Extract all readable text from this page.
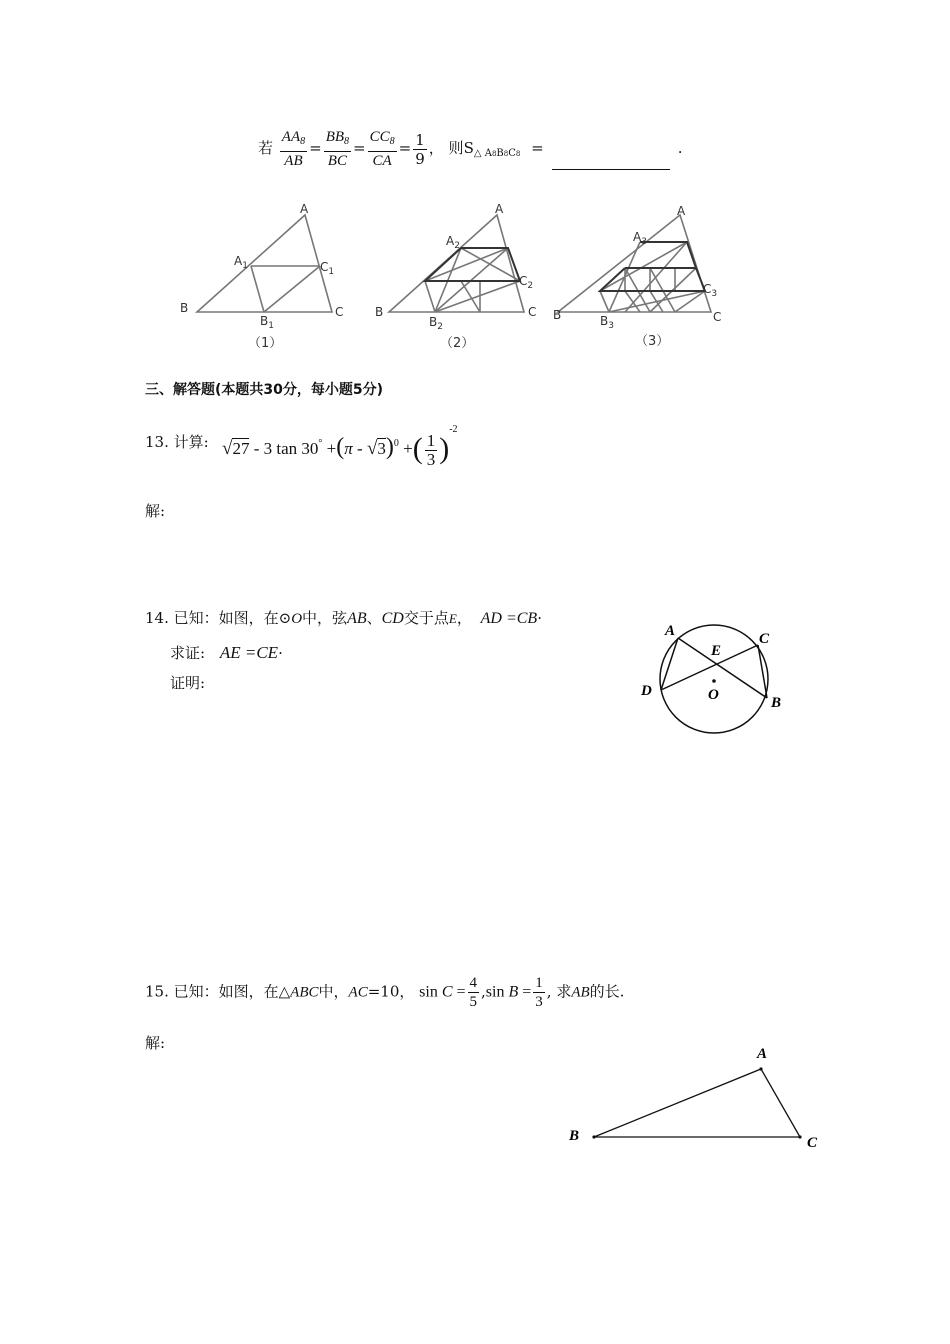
若 $\frac{AA_8}{AB} = \frac{BB_8}{BC} = \frac{CC_8}{CA} = \frac{1}{9}$ ， 则$S_{\triangle A8B8C8}$ =	.
A
$A_1$	$C_1$
B
$B_1$
C
（1）
A
$A_2$
$C_2$
B
$B_2$
C
（2）
A
$A_3$
$C_3$
B	$B_3$
C
（3）
三、解答题(本题共30分，每小题5分)
13. 计算: √27 - 3 tan 30° +(π - √3)$^0$ +( $\frac{1}{3} )^{-2}$
解:
14. 已知：如图，在⊙O中，弦AB、CD交于点E， AD =CB·
求证: AE =CE·
证明:
A	C
E
D	O	B
15. 已知：如图，在△ABC中，AC=10， $\sin C = \frac{4}{5} ,\sin$ $B = \frac{1}{3}$ , 求AB的长.
解:
A
B	C
